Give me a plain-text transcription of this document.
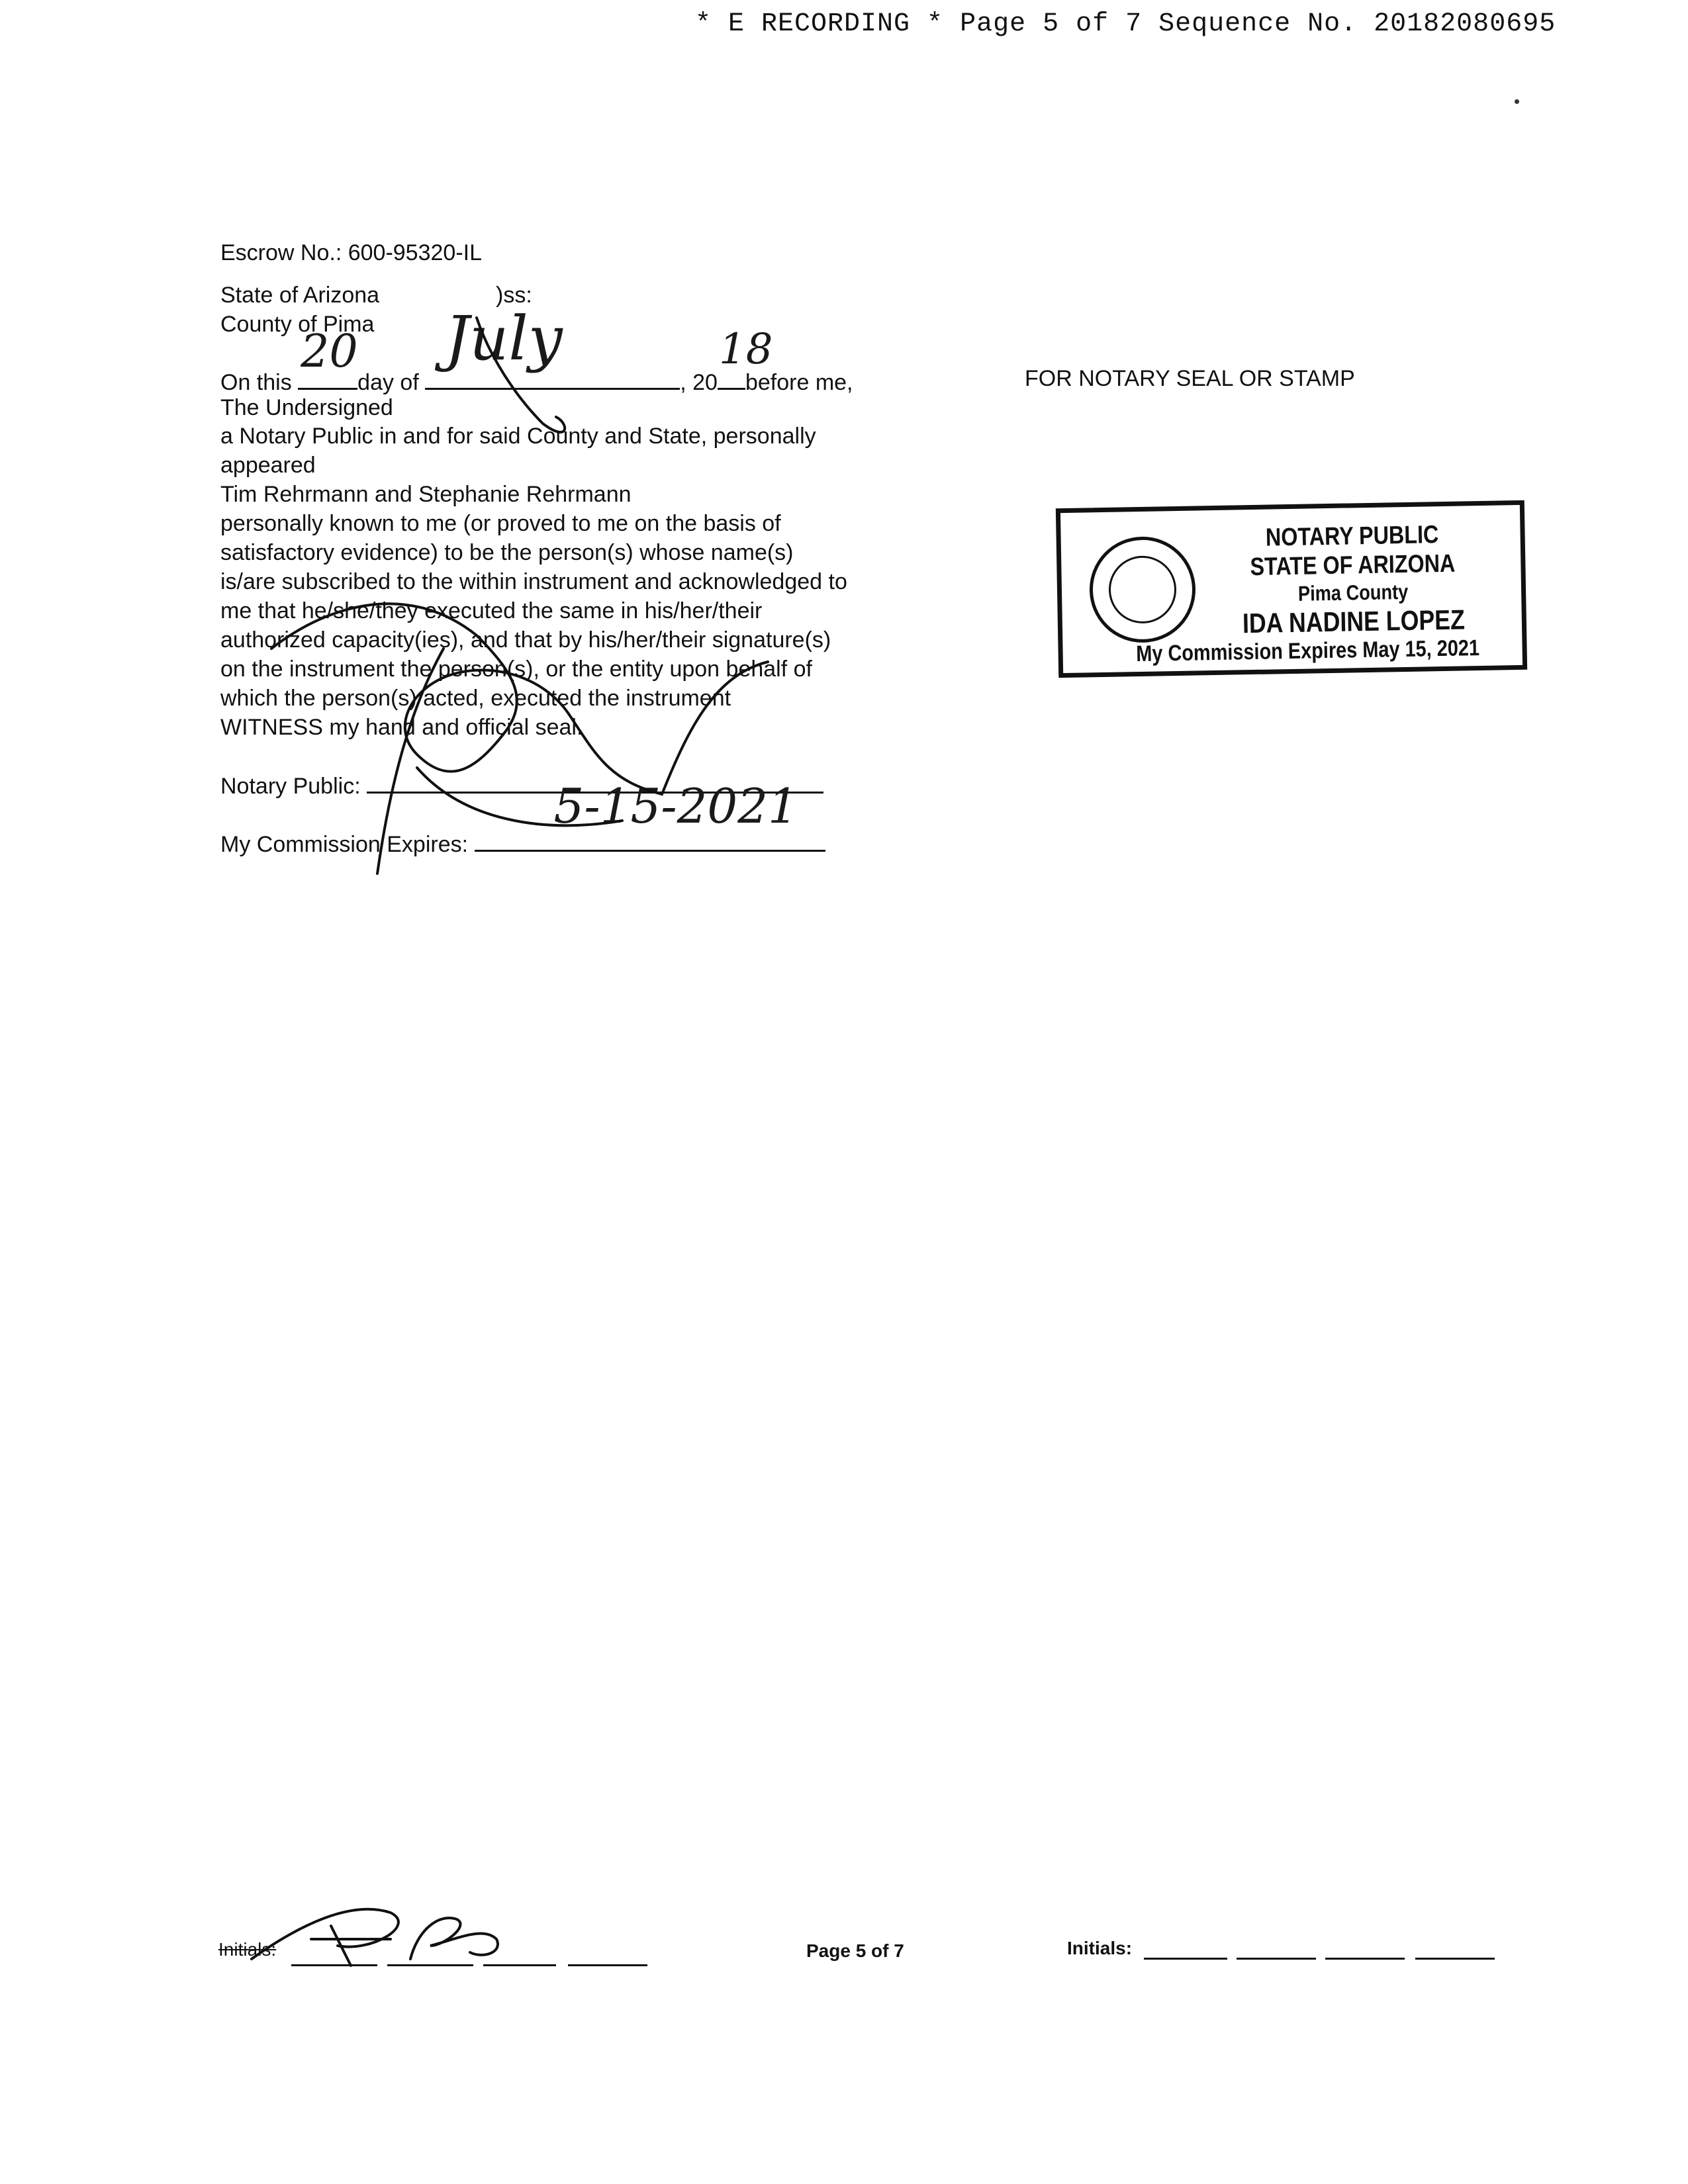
* E RECORDING * Page 5 of 7 Sequence No. 20182080695
Escrow No.: 600-95320-IL
State of Arizona	)ss:
County of Pima
On this
20
day of
July
, 20
18
before me,
The Undersigned
a Notary Public in and for said County and State, personally
appeared
Tim Rehrmann and Stephanie Rehrmann
personally known to me (or proved to me on the basis of
satisfactory evidence) to be the person(s) whose name(s)
is/are subscribed to the within instrument and acknowledged to
me that he/she/they executed the same in his/her/their
authorized capacity(ies), and that by his/her/their signature(s)
on the instrument the person(s), or the entity upon behalf of
which the person(s) acted, executed the instrument
WITNESS my hand and official seal.
Notary Public:
My Commission Expires:
5-15-2021
FOR NOTARY SEAL OR STAMP
NOTARY PUBLIC
STATE OF ARIZONA
Pima County
IDA NADINE LOPEZ
My Commission Expires May 15, 2021
Initials:	Page 5 of 7	Initials:
